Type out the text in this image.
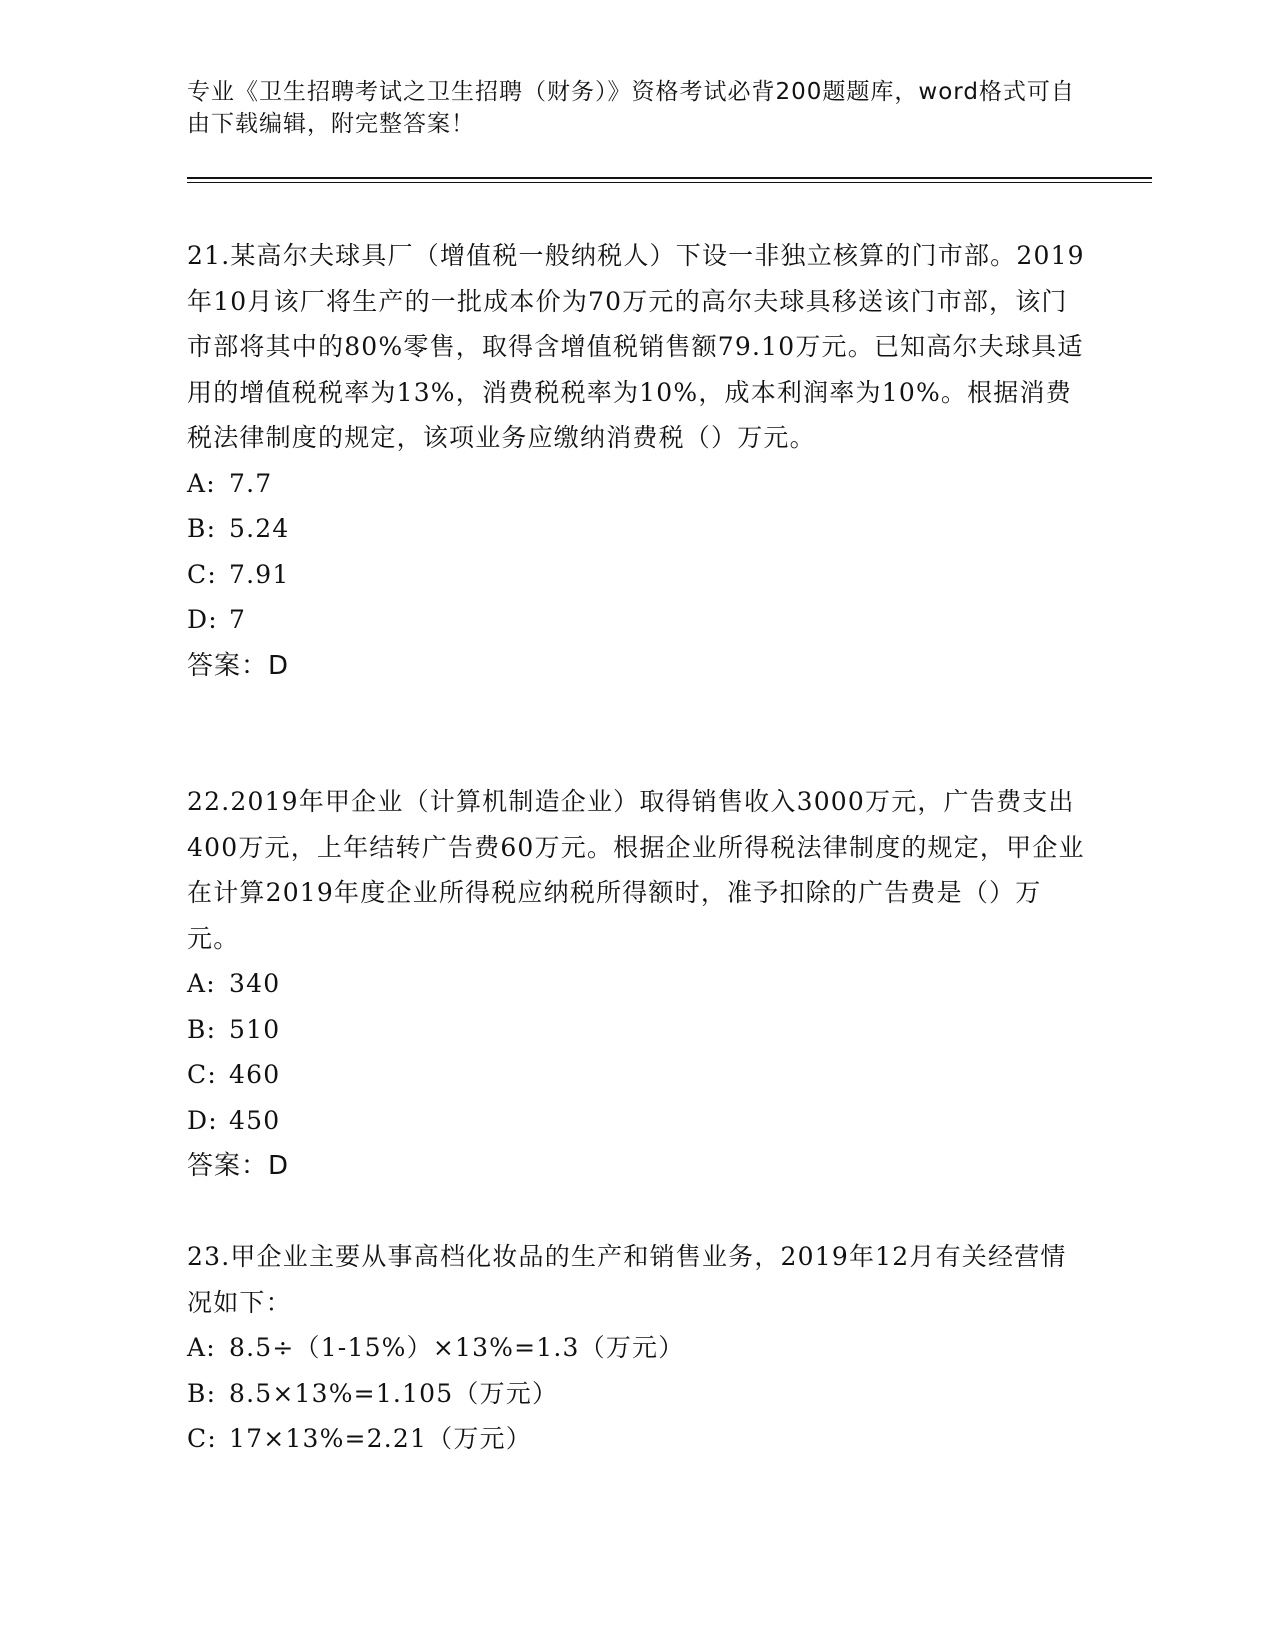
专业《卫生招聘考试之卫生招聘（财务）》资格考试必背200题题库，word格式可自由下载编辑，附完整答案！

21.某高尔夫球具厂（增值税一般纳税人）下设一非独立核算的门市部。2019年10月该厂将生产的一批成本价为70万元的高尔夫球具移送该门市部，该门市部将其中的80%零售，取得含增值税销售额79.10万元。已知高尔夫球具适用的增值税税率为13%，消费税税率为10%，成本利润率为10%。根据消费税法律制度的规定，该项业务应缴纳消费税（）万元。

A: 7.7

B: 5.24

C: 7.91

D: 7

答案：D

22.2019年甲企业（计算机制造企业）取得销售收入3000万元，广告费支出400万元，上年结转广告费60万元。根据企业所得税法律制度的规定，甲企业在计算2019年度企业所得税应纳税所得额时，准予扣除的广告费是（）万元。

A: 340

B: 510

C: 460

D: 450

答案：D

23.甲企业主要从事高档化妆品的生产和销售业务，2019年12月有关经营情况如下：

A: 8.5÷（1-15%）×13%=1.3（万元）

B: 8.5×13%=1.105（万元）

C: 17×13%=2.21（万元）
